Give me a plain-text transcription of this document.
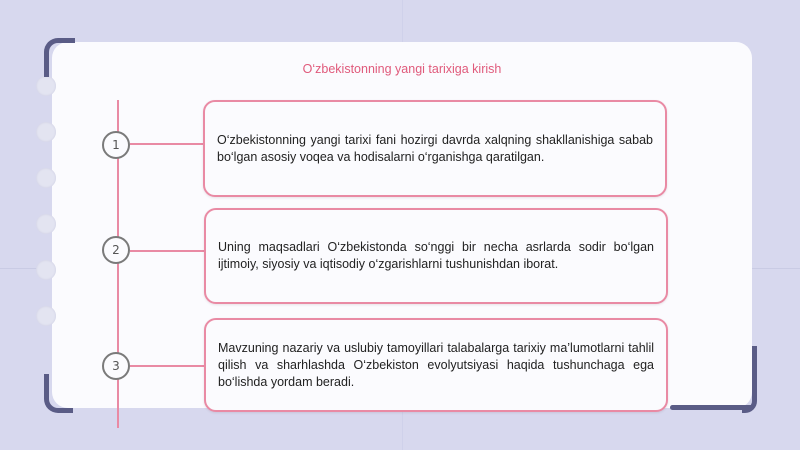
O‘zbekistonning yangi tarixiga kirish
1	O‘zbekistonning yangi tarixi fani hozirgi davrda xalqning shakllanishiga sabab bo‘lgan asosiy voqea va hodisalarni o‘rganishga qaratilgan.

2	Uning maqsadlari O‘zbekistonda so‘nggi bir necha asrlarda sodir bo‘lgan ijtimoiy, siyosiy va iqtisodiy o‘zgarishlarni tushunishdan iborat.

3

Mavzuning nazariy va uslubiy tamoyillari talabalarga tarixiy ma’lumotlarni tahlil qilish va sharhlashda O‘zbekiston evolyutsiyasi haqida tushunchaga ega bo‘lishda yordam beradi.
